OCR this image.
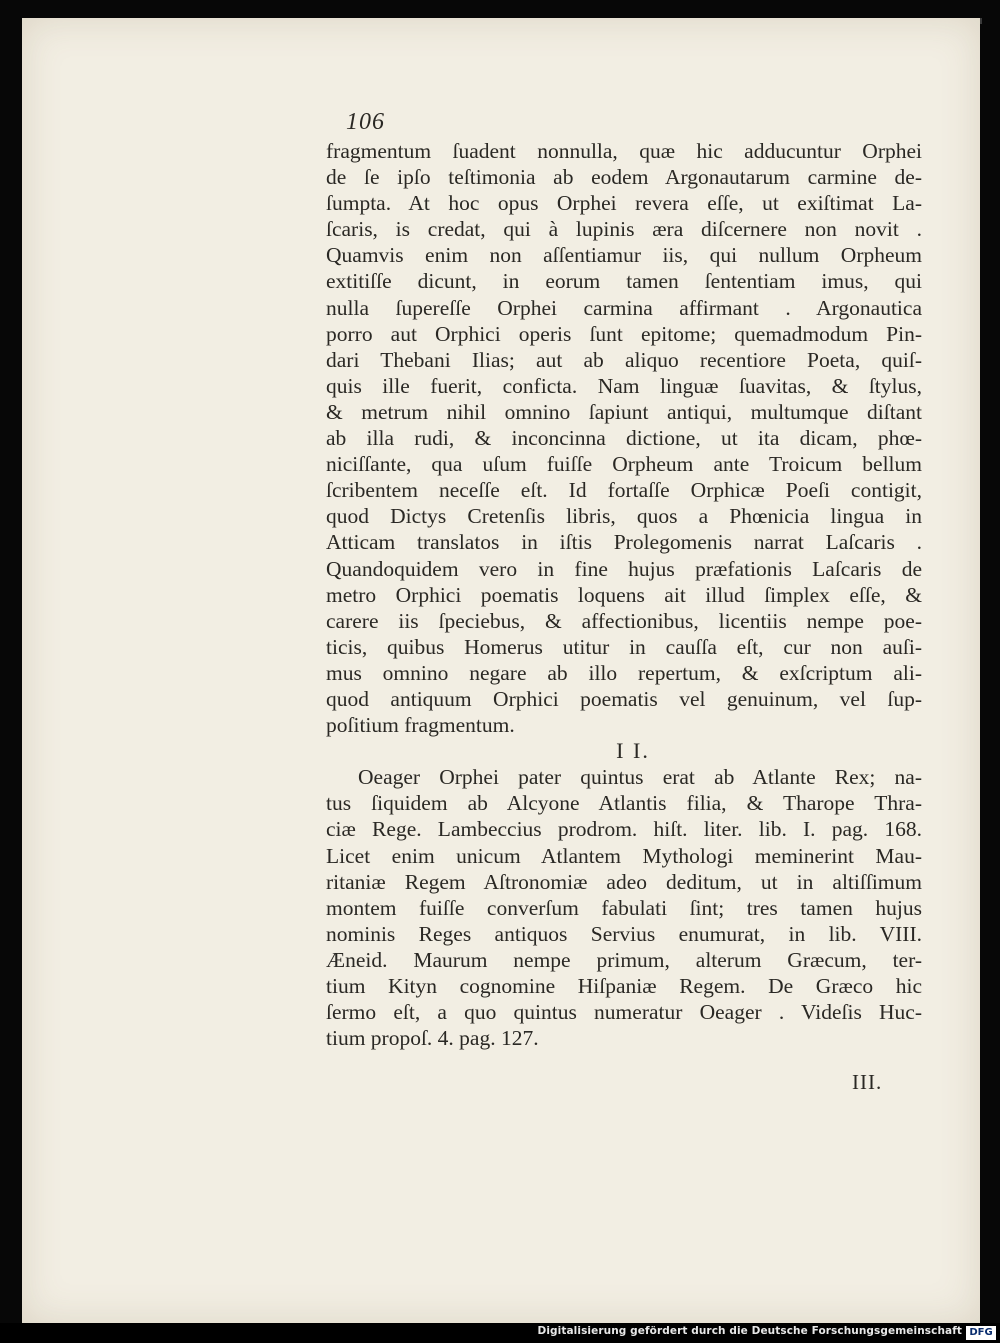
106
fragmentum ſuadent nonnulla, quæ hic adducuntur Orphei
de ſe ipſo teſtimonia ab eodem Argonautarum carmine de-
ſumpta. At hoc opus Orphei revera eſſe, ut exiſtimat La-
ſcaris, is credat, qui à lupinis æra diſcernere non novit .
Quamvis enim non aſſentiamur iis, qui nullum Orpheum
extitiſſe dicunt, in eorum tamen ſententiam imus, qui
nulla ſupereſſe Orphei carmina affirmant . Argonautica
porro aut Orphici operis ſunt epitome; quemadmodum Pin-
dari Thebani Ilias; aut ab aliquo recentiore Poeta, quiſ-
quis ille fuerit, confictа. Nam linguæ ſuavitas, & ſtylus,
& metrum nihil omnino ſapiunt antiqui, multumque diſtant
ab illa rudi, & inconcinna dictione, ut ita dicam, phœ-
niciſſante, qua uſum fuiſſe Orpheum ante Troicum bellum
ſcribentem neceſſe eſt. Id fortaſſe Orphicæ Poeſi contigit,
quod Dictys Cretenſis libris, quos a Phœnicia lingua in
Atticam translatos in iſtis Prolegomenis narrat Laſcaris .
Quandoquidem vero in fine hujus præfationis Laſcaris de
metro Orphici poematis loquens ait illud ſimplex eſſe, &
carere iis ſpeciebus, & affectionibus, licentiis nempe poe-
ticis, quibus Homerus utitur in cauſſa eſt, cur non auſi-
mus omnino negare ab illo repertum, & exſcriptum ali-
quod antiquum Orphici poematis vel genuinum, vel ſup-
poſitium fragmentum.
I I.
Oeager Orphei pater quintus erat ab Atlante Rex; na-
tus ſiquidem ab Alcyone Atlantis filia, & Tharope Thra-
ciæ Rege. Lambeccius prodrom. hiſt. liter. lib. I. pag. 168.
Licet enim unicum Atlantem Mythologi meminerint Mau-
ritaniæ Regem Aſtronomiæ adeo deditum, ut in altiſſimum
montem fuiſſe converſum fabulati ſint; tres tamen hujus
nominis Reges antiquos Servius enumurat, in lib. VIII.
Æneid. Maurum nempe primum, alterum Græcum, ter-
tium Kityn cognomine Hiſpaniæ Regem. De Græco hic
ſermo eſt, a quo quintus numeratur Oeager . Videſis Huc-
tium propoſ. 4. pag. 127.
III.
Digitalisierung gefördert durch die Deutsche Forschungsgemeinschaft DFG
